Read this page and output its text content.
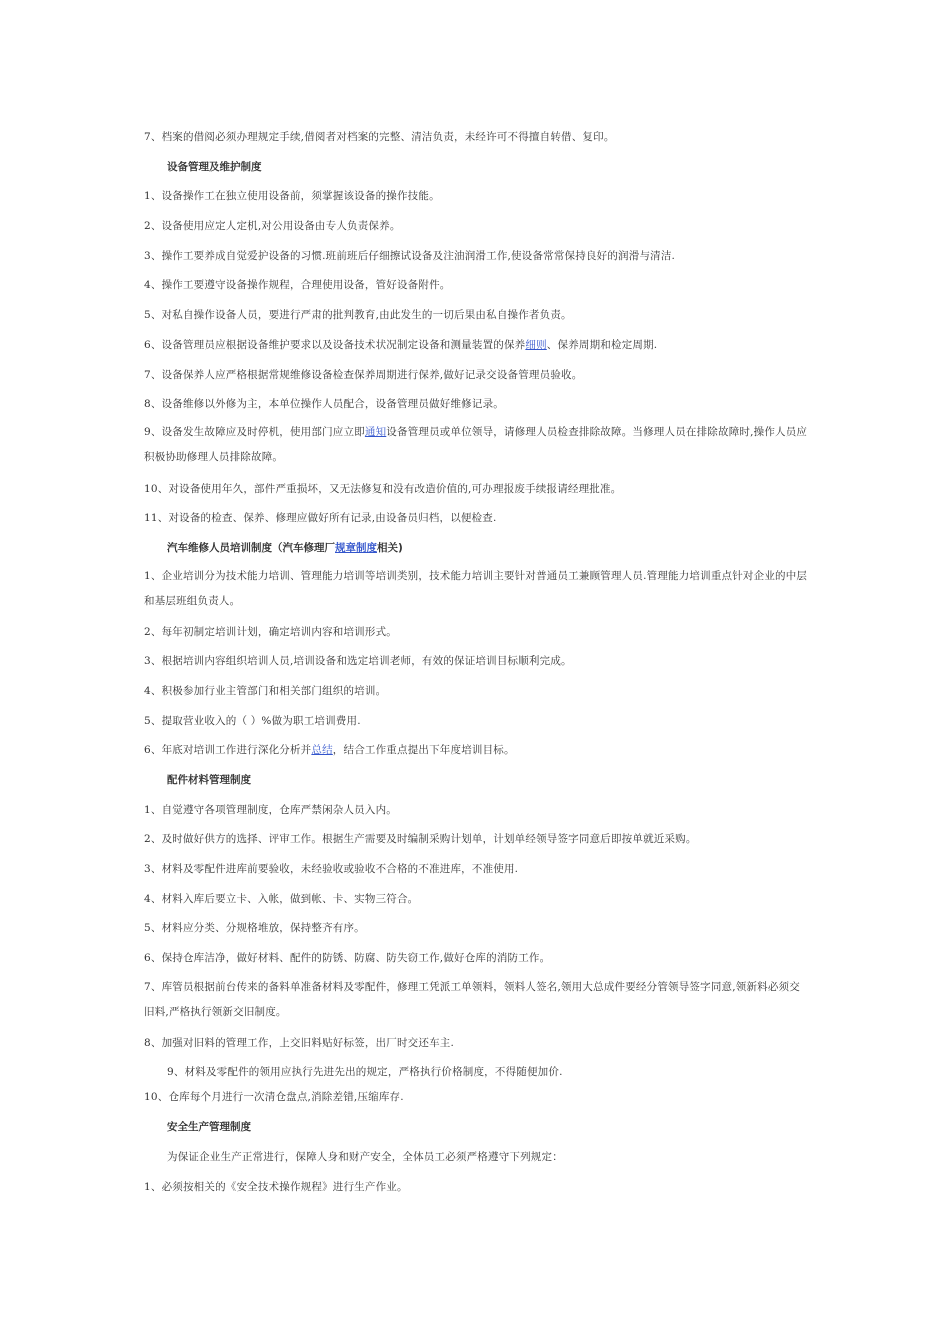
7、档案的借阅必须办理规定手续,借阅者对档案的完整、清洁负责，未经许可不得擅自转借、复印。
设备管理及维护制度
1、设备操作工在独立使用设备前，须掌握该设备的操作技能。
2、设备使用应定人定机,对公用设备由专人负责保养。
3、操作工要养成自觉爱护设备的习惯.班前班后仔细擦试设备及注油润滑工作,使设备常常保持良好的润滑与清洁.
4、操作工要遵守设备操作规程，合理使用设备，管好设备附件。
5、对私自操作设备人员，要进行严肃的批判教育,由此发生的一切后果由私自操作者负责。
6、设备管理员应根据设备维护要求以及设备技术状况制定设备和测量装置的保养细则、保养周期和检定周期.
7、设备保养人应严格根据常规维修设备检查保养周期进行保养,做好记录交设备管理员验收。
8、设备维修以外修为主，本单位操作人员配合，设备管理员做好维修记录。
9、设备发生故障应及时停机，使用部门应立即通知设备管理员或单位领导，请修理人员检查排除故障。当修理人员在排除故障时,操作人员应积极协助修理人员排除故障。
10、对设备使用年久，部件严重损坏，又无法修复和没有改造价值的,可办理报废手续报请经理批准。
11、对设备的检查、保养、修理应做好所有记录,由设备员归档，以便检查.
汽车维修人员培训制度（汽车修理厂规章制度相关)
1、企业培训分为技术能力培训、管理能力培训等培训类别，技术能力培训主要针对普通员工兼顾管理人员.管理能力培训重点针对企业的中层和基层班组负责人。
2、每年初制定培训计划，确定培训内容和培训形式。
3、根据培训内容组织培训人员,培训设备和选定培训老师，有效的保证培训目标顺利完成。
4、积极参加行业主管部门和相关部门组织的培训。
5、提取营业收入的（ ）%做为职工培训费用.
6、年底对培训工作进行深化分析并总结，结合工作重点提出下年度培训目标。
配件材料管理制度
1、自觉遵守各项管理制度，仓库严禁闲杂人员入内。
2、及时做好供方的选择、评审工作。根据生产需要及时编制采购计划单，计划单经领导签字同意后即按单就近采购。
3、材料及零配件进库前要验收，未经验收或验收不合格的不准进库，不准使用.
4、材料入库后要立卡、入帐，做到帐、卡、实物三符合。
5、材料应分类、分规格堆放，保持整齐有序。
6、保持仓库洁净，做好材料、配件的防锈、防腐、防失窃工作,做好仓库的消防工作。
7、库管员根据前台传来的备料单准备材料及零配件，修理工凭派工单领料，领料人签名,领用大总成件要经分管领导签字同意,领新料必须交旧料,严格执行领新交旧制度。
8、加强对旧料的管理工作，上交旧料贴好标签，出厂时交还车主.
9、材料及零配件的领用应执行先进先出的规定，严格执行价格制度，不得随便加价.
10、仓库每个月进行一次清仓盘点,消除差错,压缩库存.
安全生产管理制度
为保证企业生产正常进行，保障人身和财产安全，全体员工必须严格遵守下列规定：
1、必须按相关的《安全技术操作规程》进行生产作业。
